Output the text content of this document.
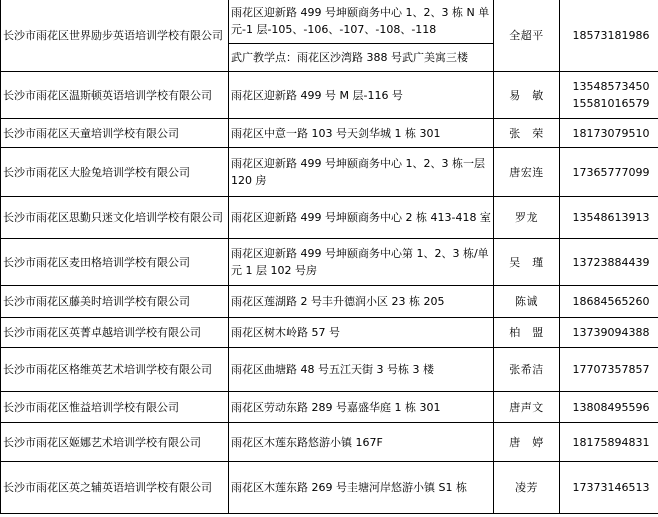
长沙市雨花区世界励步英语培训学校有限公司	雨花区迎新路 499 号坤颐商务中心 1、2、3 栋 N 单元-1 层-105、-106、-107、-108、-118
武广教学点：雨花区沙湾路 388 号武广美寓三楼	全超平	18573181986

长沙市雨花区温斯顿英语培训学校有限公司	雨花区迎新路 499 号 M 层-116 号	易　敏	13548573450
15581016579

长沙市雨花区天童培训学校有限公司	雨花区中意一路 103 号天剑华城 1 栋 301	张　荣	18173079510

长沙市雨花区大脸兔培训学校有限公司	雨花区迎新路 499 号坤颐商务中心 1、2、3 栋一层 120 房	唐宏连	17365777099

长沙市雨花区思勤只迷文化培训学校有限公司	雨花区迎新路 499 号坤颐商务中心 2 栋 413-418 室	罗龙	13548613913

长沙市雨花区麦田格培训学校有限公司	雨花区迎新路 499 号坤颐商务中心第 1、2、3 栋/单元 1 层 102 号房	吴　瑾	13723884439

长沙市雨花区藤美时培训学校有限公司	雨花区莲湖路 2 号丰升德润小区 23 栋 205	陈诚	18684565260

长沙市雨花区英菁卓越培训学校有限公司	雨花区树木岭路 57 号	柏　盟	13739094388

长沙市雨花区格维英艺术培训学校有限公司	雨花区曲塘路 48 号五江天街 3 号栋 3 楼	张希洁	17707357857

长沙市雨花区惟益培训学校有限公司	雨花区劳动东路 289 号嘉盛华庭 1 栋 301	唐声文	13808495596

长沙市雨花区姬娜艺术培训学校有限公司	雨花区木莲东路悠游小镇 167F	唐　婷	18175894831

长沙市雨花区英之辅英语培训学校有限公司	雨花区木莲东路 269 号圭塘河岸悠游小镇 S1 栋	凌芳	17373146513
